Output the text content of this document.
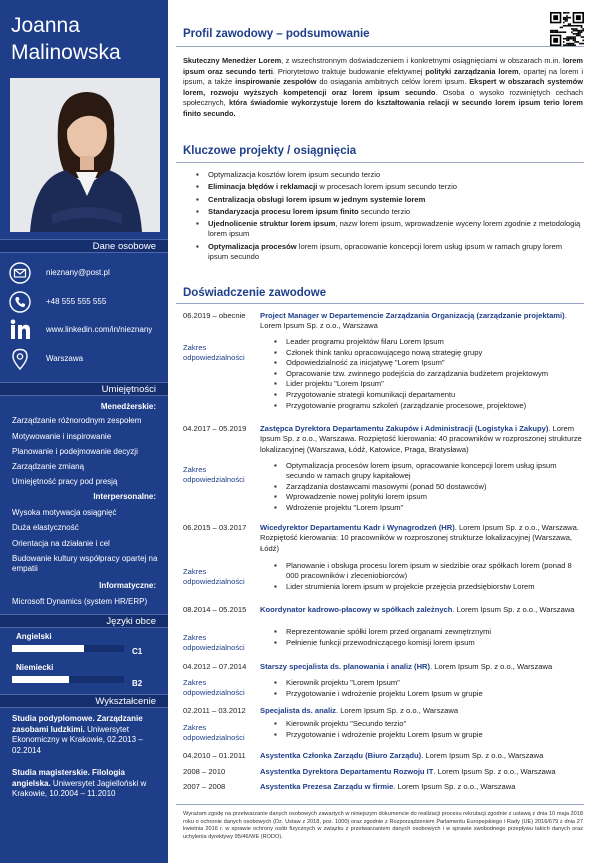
Joanna
Malinowska
Dane osobowe
nieznany@post.pl
+48 555 555 555
www.linkedin.com/in/nieznany
Warszawa
Umiejętności
Menedżerskie:
Zarządzanie różnorodnym zespołem
Motywowanie i inspirowanie
Planowanie i podejmowanie decyzji
Zarządzanie zmianą
Umiejętność pracy pod presją
Interpersonalne:
Wysoka motywacja osiągnięć
Duża elastyczność
Orientacja na działanie i cel
Budowanie kultury współpracy opartej na empatii
Informatyczne:
Microsoft Dynamics (system HR/ERP)
Języki obce
Angielski
C1
Niemiecki
B2
Wykształcenie
Studia podyplomowe. Zarządzanie zasobami ludzkimi. Uniwersytet Ekonomiczny w Krakowie, 02.2013 – 02.2014
Studia magisterskie. Filologia angielska. Uniwersytet Jagielloński w Krakowie, 10.2004 – 11.2010
Profil zawodowy – podsumowanie
Skuteczny Menedżer Lorem, z wszechstronnym doświadczeniem i konkretnymi osiągnięciami w obszarach m.in. lorem ipsum oraz secundo terti. Priorytetowo traktuje budowanie efektywnej polityki zarządzania lorem, opartej na lorem i ipsum, a także inspirowanie zespołów do osiągania ambitnych celów lorem ipsum. Ekspert w obszarach systemów lorem, rozwoju wyższych kompetencji oraz lorem ipsum secundo. Osoba o wysoko rozwiniętych cechach społecznych, która świadomie wykorzystuje lorem do kształtowania relacji w secundo lorem ipsum terio lorem finito secundo.
Kluczowe projekty / osiągnięcia
▪ Optymalizacja kosztów lorem ipsum secundo terzio
▪ Eliminacja błędów i reklamacji w procesach lorem ipsum secundo terzio
▪ Centralizacja obsługi lorem ipsum w jednym systemie lorem
▪ Standaryzacja procesu lorem ipsum finito secundo terzio
▪ Ujednolicenie struktur lorem ipsum, nazw lorem ipsum, wprowadzenie wyceny lorem zgodnie z metodologią lorem ipsum
▪ Optymalizacja procesów lorem ipsum, opracowanie koncepcji lorem usług ipsum w ramach grupy lorem ipsum secundo
Doświadczenie zawodowe
06.2019 – obecnie Project Manager w Departemencie Zarządzania Organizacją (zarządzanie projektami). Lorem Ipsum Sp. z o.o., Warszawa
Zakres odpowiedzialności
▪ Leader programu projektów filaru Lorem Ipsum
▪ Członek think tanku opracowującego nową strategię grupy
▪ Odpowiedzialność za inicjatywę "Lorem Ipsum"
▪ Opracowanie tzw. zwinnego podejścia do zarządzania budżetem projektowym
▪ Lider projektu "Lorem Ipsum"
▪ Przygotowanie strategii komunikacji departamentu
▪ Przygotowanie programu szkoleń (zarządzanie procesowe, projektowe)
04.2017 – 05.2019 Zastępca Dyrektora Departamentu Zakupów i Administracji (Logistyka i Zakupy). Lorem Ipsum Sp. z o.o., Warszawa. Rozpiętość kierowania: 40 pracowników w rozproszonej strukturze lokalizacyjnej (Warszawa, Łódź, Katowice, Praga, Bratysława)
Zakres odpowiedzialności
▪ Optymalizacja procesów lorem ipsum, opracowanie koncepcji lorem usług ipsum secundo w ramach grupy kapitałowej
▪ Zarządzania dostawcami masowymi (ponad 50 dostawców)
▪ Wprowadzenie nowej polityki lorem ipsum
▪ Wdrożenie projektu "Lorem Ipsum"
06.2015 – 03.2017 Wicedyrektor Departamentu Kadr i Wynagrodzeń (HR). Lorem Ipsum Sp. z o.o., Warszawa. Rozpiętość kierowania: 10 pracowników w rozproszonej strukturze lokalizacyjnej (Warszawa, Łódź)
Zakres odpowiedzialności
▪ Planowanie i obsługa procesu lorem ipsum w siedzibie oraz spółkach lorem (ponad 8 000 pracowników i zleceniobiorców)
▪ Lider strumienia lorem ipsum w projekcie przejęcia przedsiębiorstw Lorem
08.2014 – 05.2015 Koordynator kadrowo-płacowy w spółkach zależnych. Lorem Ipsum Sp. z o.o., Warszawa
Zakres odpowiedzialności
▪ Reprezentowanie spółki lorem przed organami zewnętrznymi
▪ Pełnienie funkcji przewodniczącego komisji lorem ipsum
04.2012 – 07.2014 Starszy specjalista ds. planowania i analiz (HR). Lorem Ipsum Sp. z o.o., Warszawa
Zakres odpowiedzialności
▪ Kierownik projektu "Lorem Ipsum"
▪ Przygotowanie i wdrożenie projektu Lorem Ipsum w grupie
02.2011 – 03.2012 Specjalista ds. analiz. Lorem Ipsum Sp. z o.o., Warszawa
Zakres odpowiedzialności
▪ Kierownik projektu "Secundo terzio"
▪ Przygotowanie i wdrożenie projektu Lorem Ipsum w grupie
04.2010 – 01.2011 Asystentka Członka Zarządu (Biuro Zarządu). Lorem Ipsum Sp. z o.o., Warszawa
2008 – 2010	Asystentka Dyrektora Departamentu Rozwoju IT. Lorem Ipsum Sp. z o.o., Warszawa
2007 – 2008	Asystentka Prezesa Zarządu w firmie. Lorem Ipsum Sp. z o.o., Warszawa
Wyrażam zgodę na przetwarzanie danych osobowych zawartych w niniejszym dokumencie do realizacji procesu rekrutacji zgodnie z ustawą z dnia 10 maja 2018 roku o ochronie danych osobowych (Dz. Ustaw z 2018, poz. 1000) oraz zgodnie z Rozporządzeniem Parlamentu Europejskiego i Rady (UE) 2016/679 z dnia 27 kwietnia 2016 r. w sprawie ochrony osób fizycznych w związku z przetwarzaniem danych osobowych i w sprawie swobodnego przepływu takich danych oraz uchylenia dyrektywy 95/46/WE (RODO).
